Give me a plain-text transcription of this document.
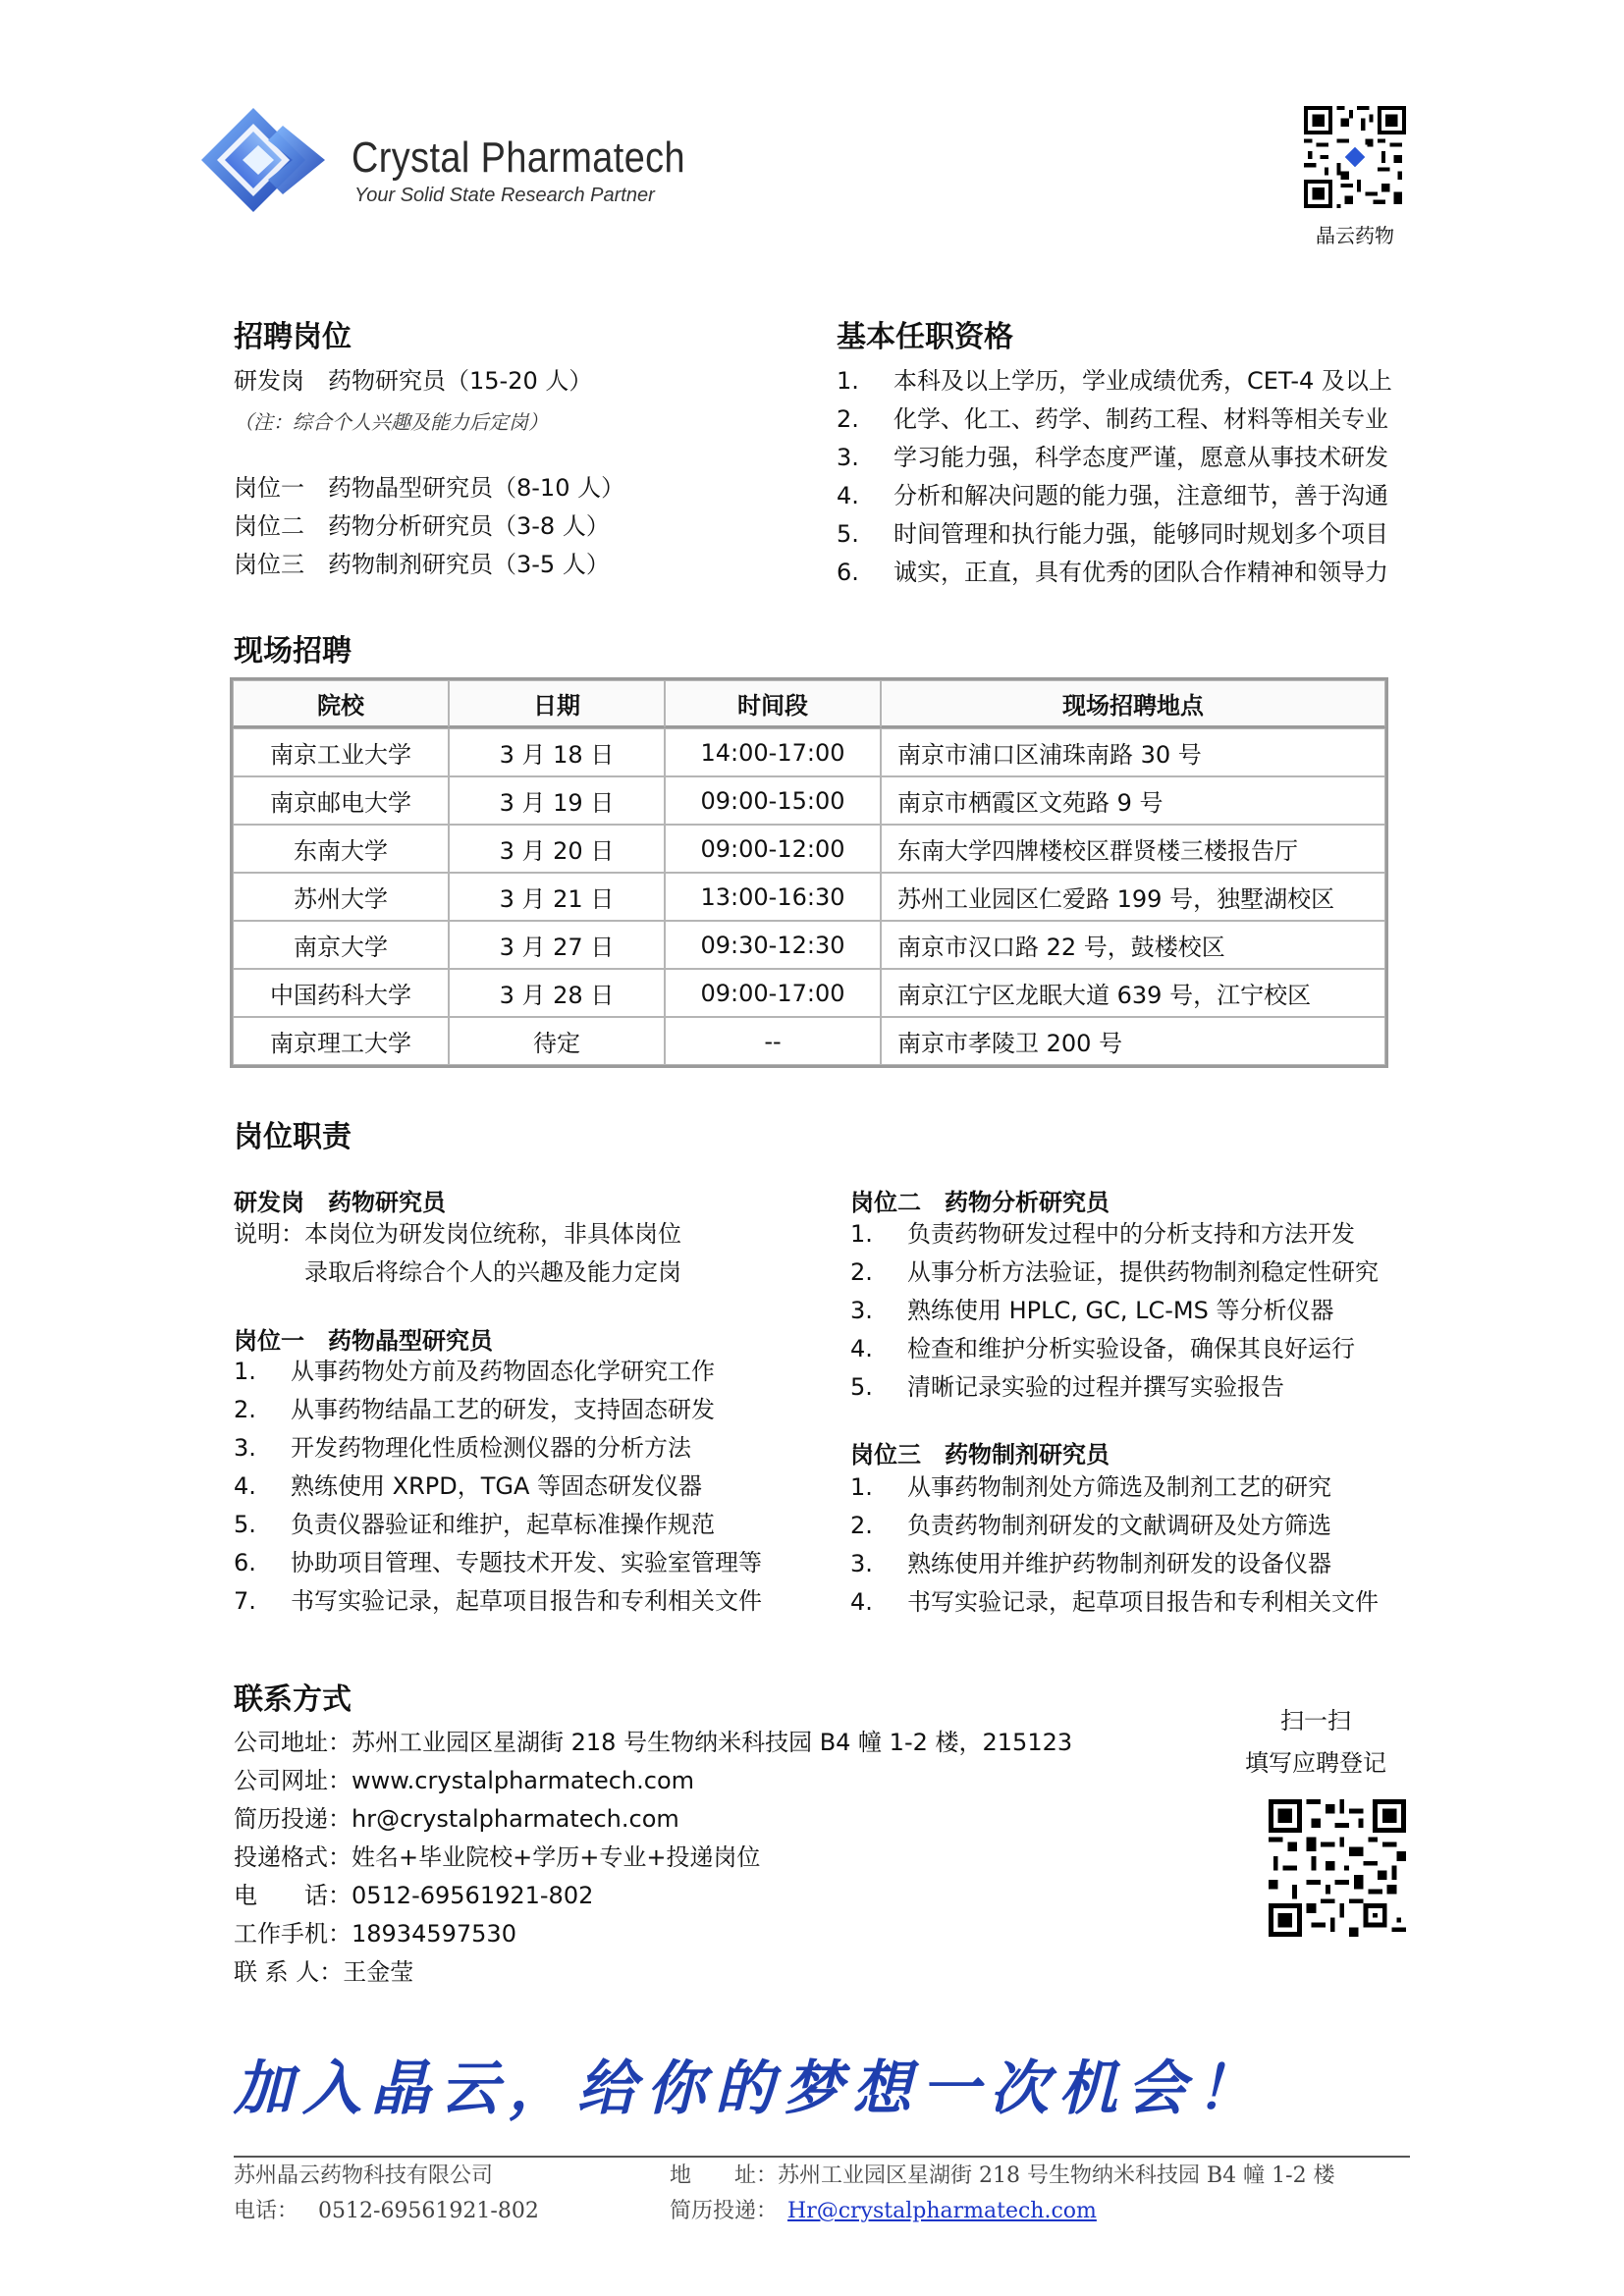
Crystal Pharmatech
Your Solid State Research Partner
晶云药物
招聘岗位
研发岗　药物研究员（15-20 人）
（注：综合个人兴趣及能力后定岗）
岗位一　药物晶型研究员（8-10 人）
岗位二　药物分析研究员（3-8 人）
岗位三　药物制剂研究员（3-5 人）
基本任职资格
1. 本科及以上学历，学业成绩优秀，CET-4 及以上
2. 化学、化工、药学、制药工程、材料等相关专业
3. 学习能力强，科学态度严谨，愿意从事技术研发
4. 分析和解决问题的能力强，注意细节，善于沟通
5. 时间管理和执行能力强，能够同时规划多个项目
6. 诚实，正直，具有优秀的团队合作精神和领导力
现场招聘
院校	日期	时间段	现场招聘地点
南京工业大学	3 月 18 日	14:00-17:00	南京市浦口区浦珠南路 30 号
南京邮电大学	3 月 19 日	09:00-15:00	南京市栖霞区文苑路 9 号
东南大学	3 月 20 日	09:00-12:00	东南大学四牌楼校区群贤楼三楼报告厅
苏州大学	3 月 21 日	13:00-16:30	苏州工业园区仁爱路 199 号，独墅湖校区
南京大学	3 月 27 日	09:30-12:30	南京市汉口路 22 号，鼓楼校区
中国药科大学	3 月 28 日	09:00-17:00	南京江宁区龙眠大道 639 号，江宁校区
南京理工大学	待定	--	南京市孝陵卫 200 号
岗位职责
研发岗　药物研究员
说明：本岗位为研发岗位统称，非具体岗位
录取后将综合个人的兴趣及能力定岗
岗位一　药物晶型研究员
1. 从事药物处方前及药物固态化学研究工作
2. 从事药物结晶工艺的研发，支持固态研发
3. 开发药物理化性质检测仪器的分析方法
4. 熟练使用 XRPD，TGA 等固态研发仪器
5. 负责仪器验证和维护，起草标准操作规范
6. 协助项目管理、专题技术开发、实验室管理等
7. 书写实验记录，起草项目报告和专利相关文件
岗位二　药物分析研究员
1. 负责药物研发过程中的分析支持和方法开发
2. 从事分析方法验证，提供药物制剂稳定性研究
3. 熟练使用 HPLC, GC, LC-MS 等分析仪器
4. 检查和维护分析实验设备，确保其良好运行
5. 清晰记录实验的过程并撰写实验报告
岗位三　药物制剂研究员
1. 从事药物制剂处方筛选及制剂工艺的研究
2. 负责药物制剂研发的文献调研及处方筛选
3. 熟练使用并维护药物制剂研发的设备仪器
4. 书写实验记录，起草项目报告和专利相关文件
联系方式
公司地址：苏州工业园区星湖街 218 号生物纳米科技园 B4 幢 1-2 楼，215123
公司网址：www.crystalpharmatech.com
简历投递：hr@crystalpharmatech.com
投递格式：姓名+毕业院校+学历+专业+投递岗位
电　　话：0512-69561921-802
工作手机：18934597530
联 系 人：王金莹
扫一扫
填写应聘登记
加入晶云，给你的梦想一次机会！
苏州晶云药物科技有限公司
电话： 0512-69561921-802
地　　址：苏州工业园区星湖街 218 号生物纳米科技园 B4 幢 1-2 楼
简历投递： Hr@crystalpharmatech.com
